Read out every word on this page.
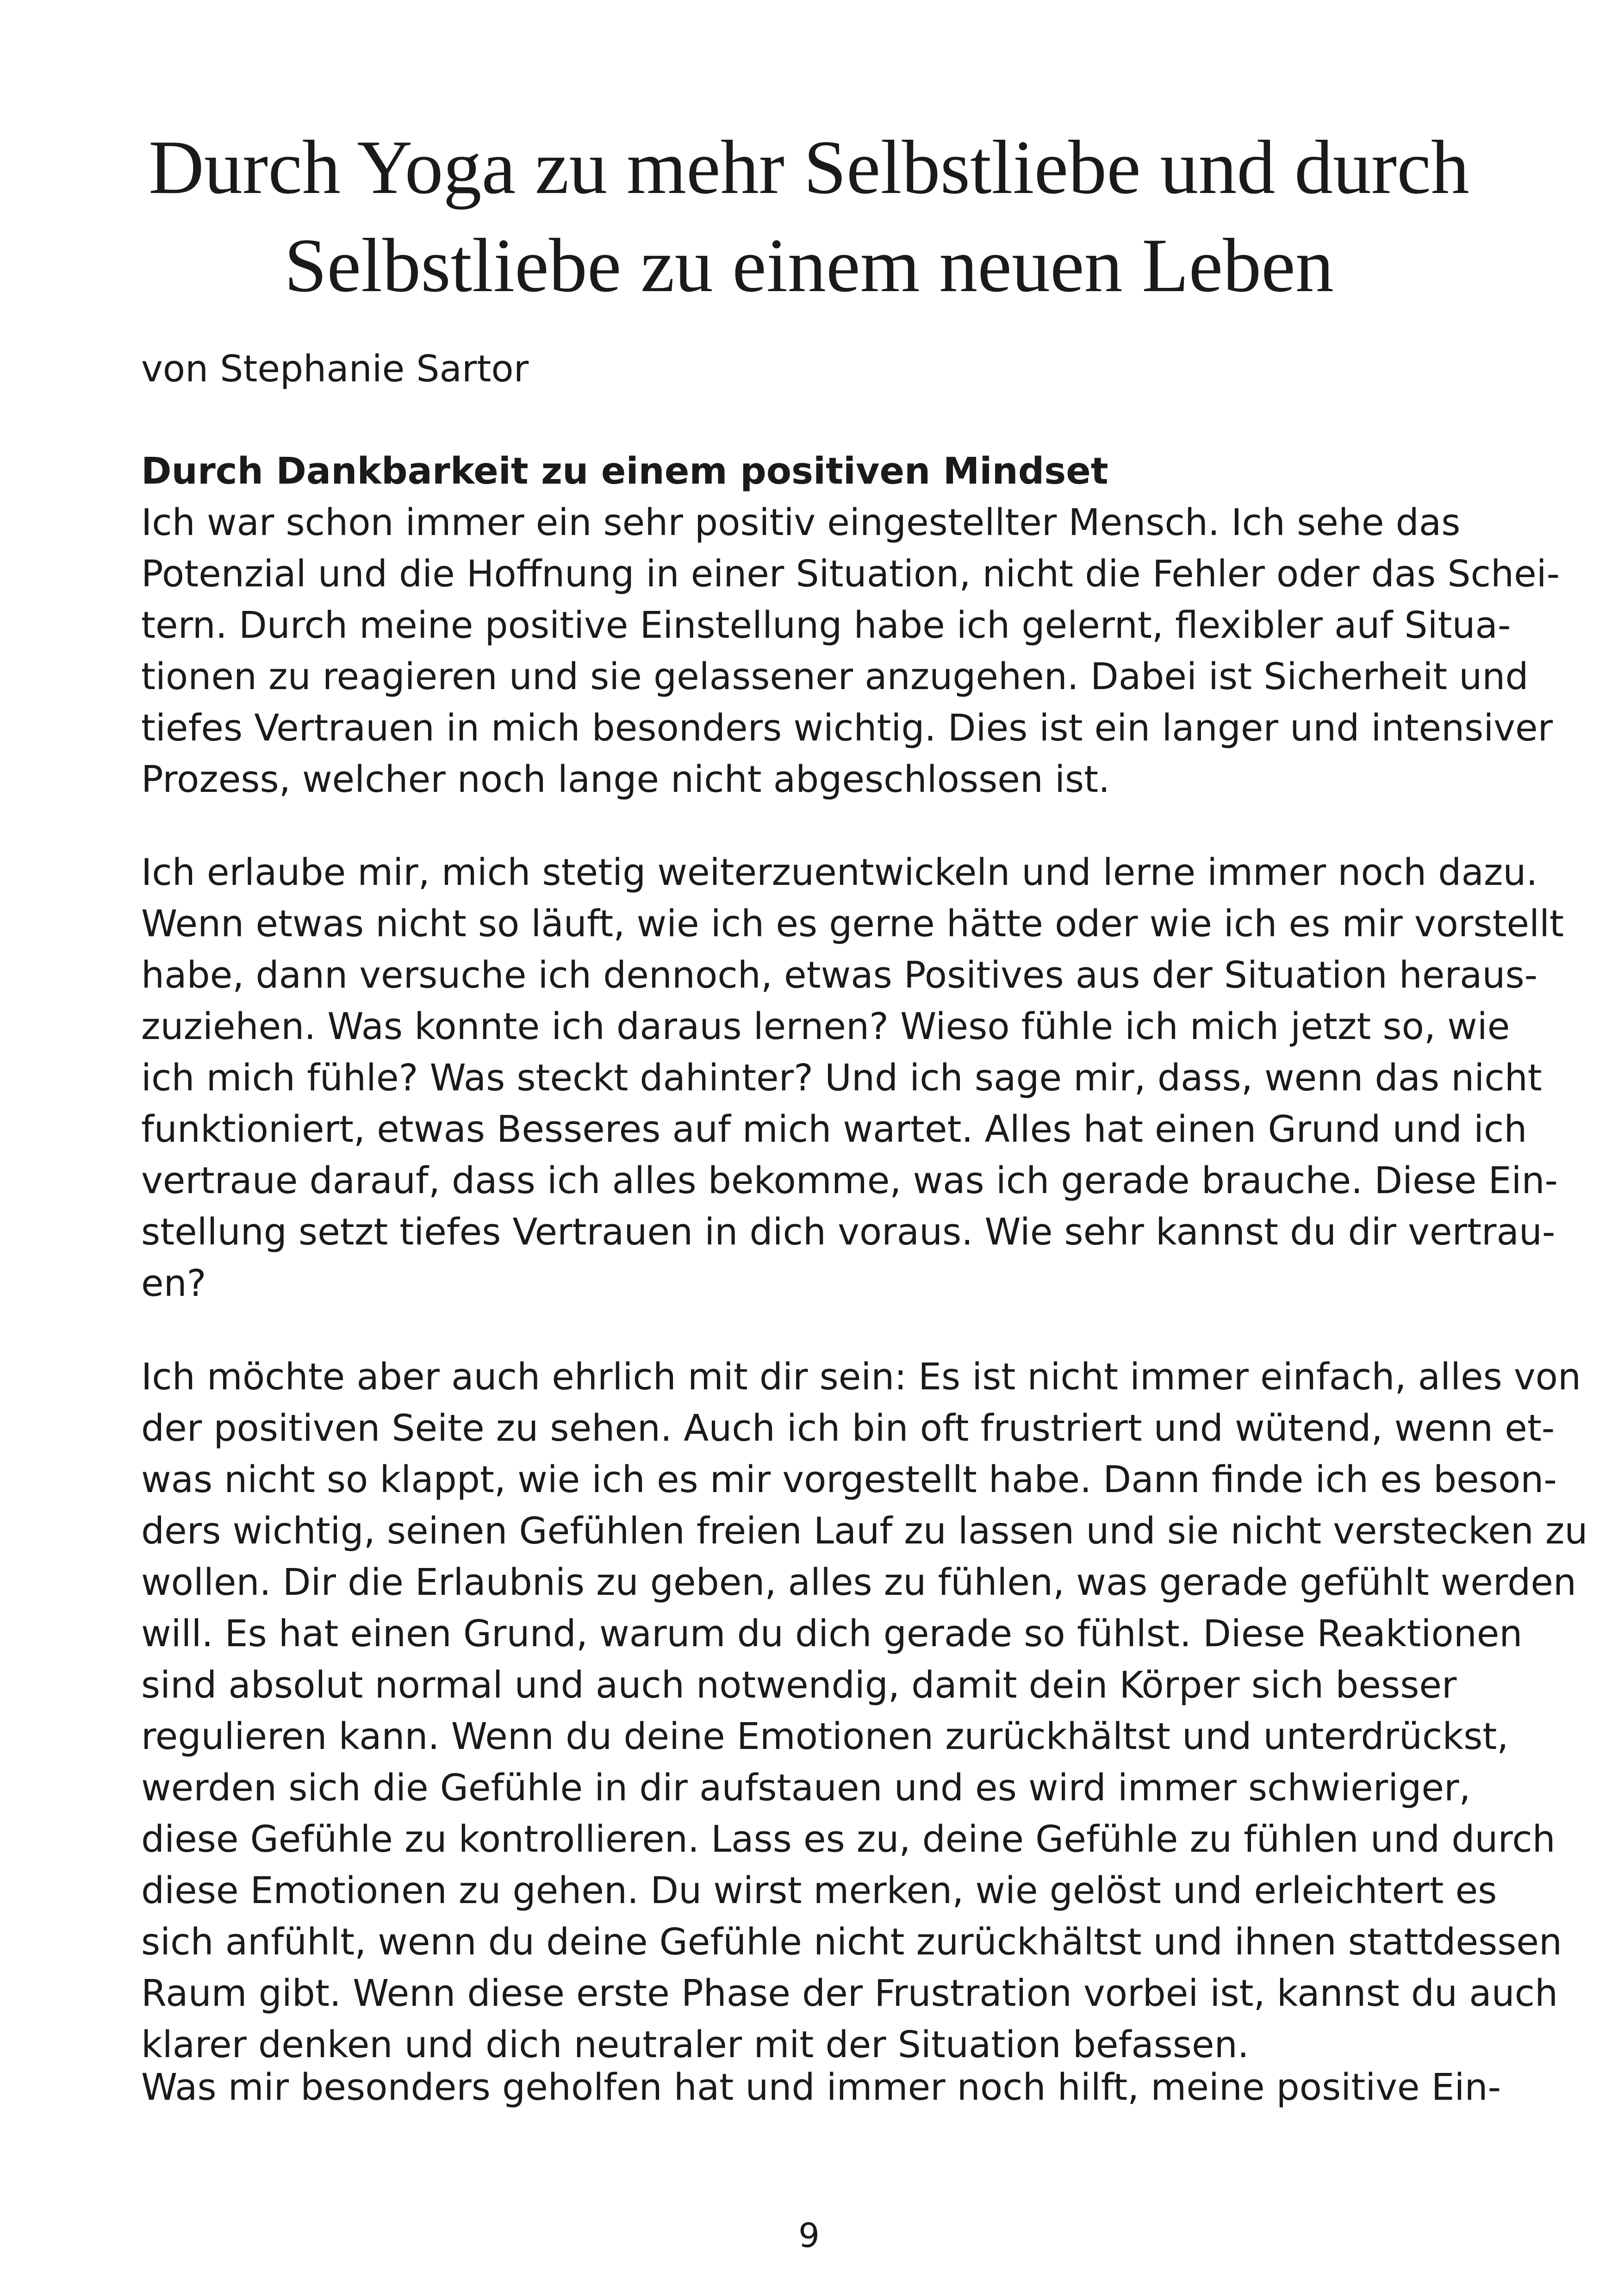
Durch Yoga zu mehr Selbstliebe und durch
Selbstliebe zu einem neuen Leben
von Stephanie Sartor
Durch Dankbarkeit zu einem positiven Mindset
Ich war schon immer ein sehr positiv eingestellter Mensch. Ich sehe das
Potenzial und die Hoffnung in einer Situation, nicht die Fehler oder das Schei-
tern. Durch meine positive Einstellung habe ich gelernt, flexibler auf Situa-
tionen zu reagieren und sie gelassener anzugehen. Dabei ist Sicherheit und
tiefes Vertrauen in mich besonders wichtig. Dies ist ein langer und intensiver
Prozess, welcher noch lange nicht abgeschlossen ist.
Ich erlaube mir, mich stetig weiterzuentwickeln und lerne immer noch dazu.
Wenn etwas nicht so läuft, wie ich es gerne hätte oder wie ich es mir vorstellt
habe, dann versuche ich dennoch, etwas Positives aus der Situation heraus-
zuziehen. Was konnte ich daraus lernen? Wieso fühle ich mich jetzt so, wie
ich mich fühle? Was steckt dahinter? Und ich sage mir, dass, wenn das nicht
funktioniert, etwas Besseres auf mich wartet. Alles hat einen Grund und ich
vertraue darauf, dass ich alles bekomme, was ich gerade brauche. Diese Ein-
stellung setzt tiefes Vertrauen in dich voraus. Wie sehr kannst du dir vertrau-
en?
Ich möchte aber auch ehrlich mit dir sein: Es ist nicht immer einfach, alles von
der positiven Seite zu sehen. Auch ich bin oft frustriert und wütend, wenn et-
was nicht so klappt, wie ich es mir vorgestellt habe. Dann finde ich es beson-
ders wichtig, seinen Gefühlen freien Lauf zu lassen und sie nicht verstecken zu
wollen. Dir die Erlaubnis zu geben, alles zu fühlen, was gerade gefühlt werden
will. Es hat einen Grund, warum du dich gerade so fühlst. Diese Reaktionen
sind absolut normal und auch notwendig, damit dein Körper sich besser
regulieren kann. Wenn du deine Emotionen zurückhältst und unterdrückst,
werden sich die Gefühle in dir aufstauen und es wird immer schwieriger,
diese Gefühle zu kontrollieren. Lass es zu, deine Gefühle zu fühlen und durch
diese Emotionen zu gehen. Du wirst merken, wie gelöst und erleichtert es
sich anfühlt, wenn du deine Gefühle nicht zurückhältst und ihnen stattdessen
Raum gibt. Wenn diese erste Phase der Frustration vorbei ist, kannst du auch
klarer denken und dich neutraler mit der Situation befassen.
Was mir besonders geholfen hat und immer noch hilft, meine positive Ein-
9
